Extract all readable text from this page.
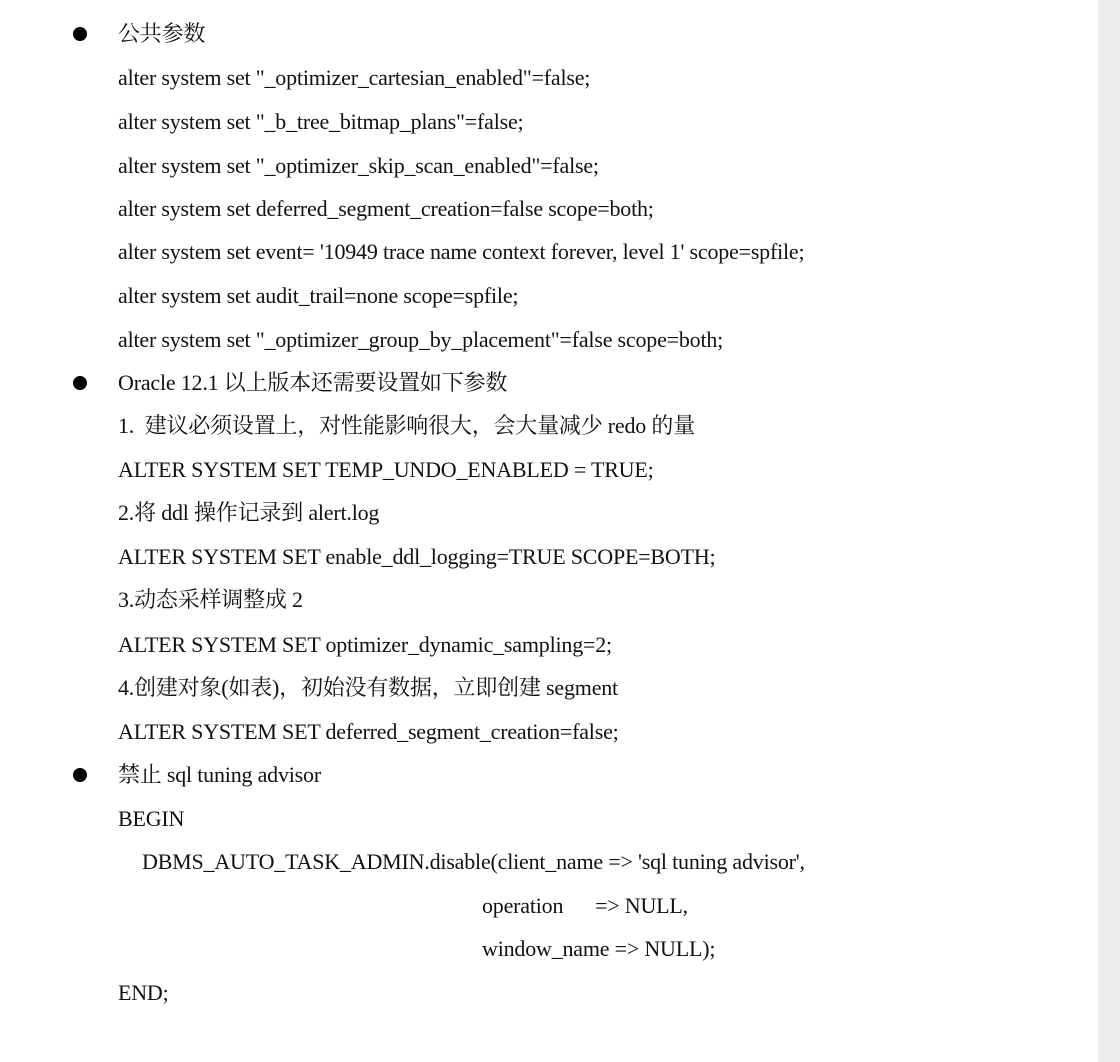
公共参数
alter system set "_optimizer_cartesian_enabled"=false;
alter system set "_b_tree_bitmap_plans"=false;
alter system set "_optimizer_skip_scan_enabled"=false;
alter system set deferred_segment_creation=false scope=both;
alter system set event= '10949 trace name context forever, level 1' scope=spfile;
alter system set audit_trail=none scope=spfile;
alter system set "_optimizer_group_by_placement"=false scope=both;
Oracle 12.1 以上版本还需要设置如下参数
1.  建议必须设置上，对性能影响很大，会大量减少 redo 的量
ALTER SYSTEM SET TEMP_UNDO_ENABLED = TRUE;
2.将 ddl 操作记录到 alert.log
ALTER SYSTEM SET enable_ddl_logging=TRUE SCOPE=BOTH;
3.动态采样调整成 2
ALTER SYSTEM SET optimizer_dynamic_sampling=2;
4.创建对象(如表)，初始没有数据，立即创建 segment
ALTER SYSTEM SET deferred_segment_creation=false;
禁止 sql tuning advisor
BEGIN
DBMS_AUTO_TASK_ADMIN.disable(client_name => 'sql tuning advisor',
operation      => NULL,
window_name => NULL);
END;
